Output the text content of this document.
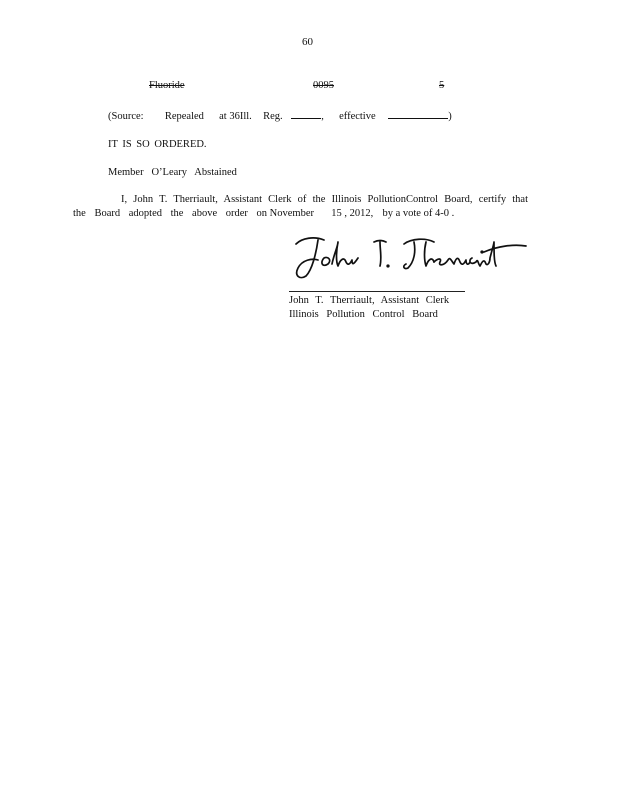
60
Fluoride	0095	5
(Source: Repealed at 36Ill. Reg.	, effective	)
IT IS SO ORDERED.
Member   O’Leary   Abstained
I, John T. Therriault, Assistant Clerk of the Illinois PollutionControl Board, certify that
the Board adopted the above order on November 15 , 2012, by a vote of 4-0 .
John T. Therriault, Assistant Clerk
Illinois Pollution Control Board
